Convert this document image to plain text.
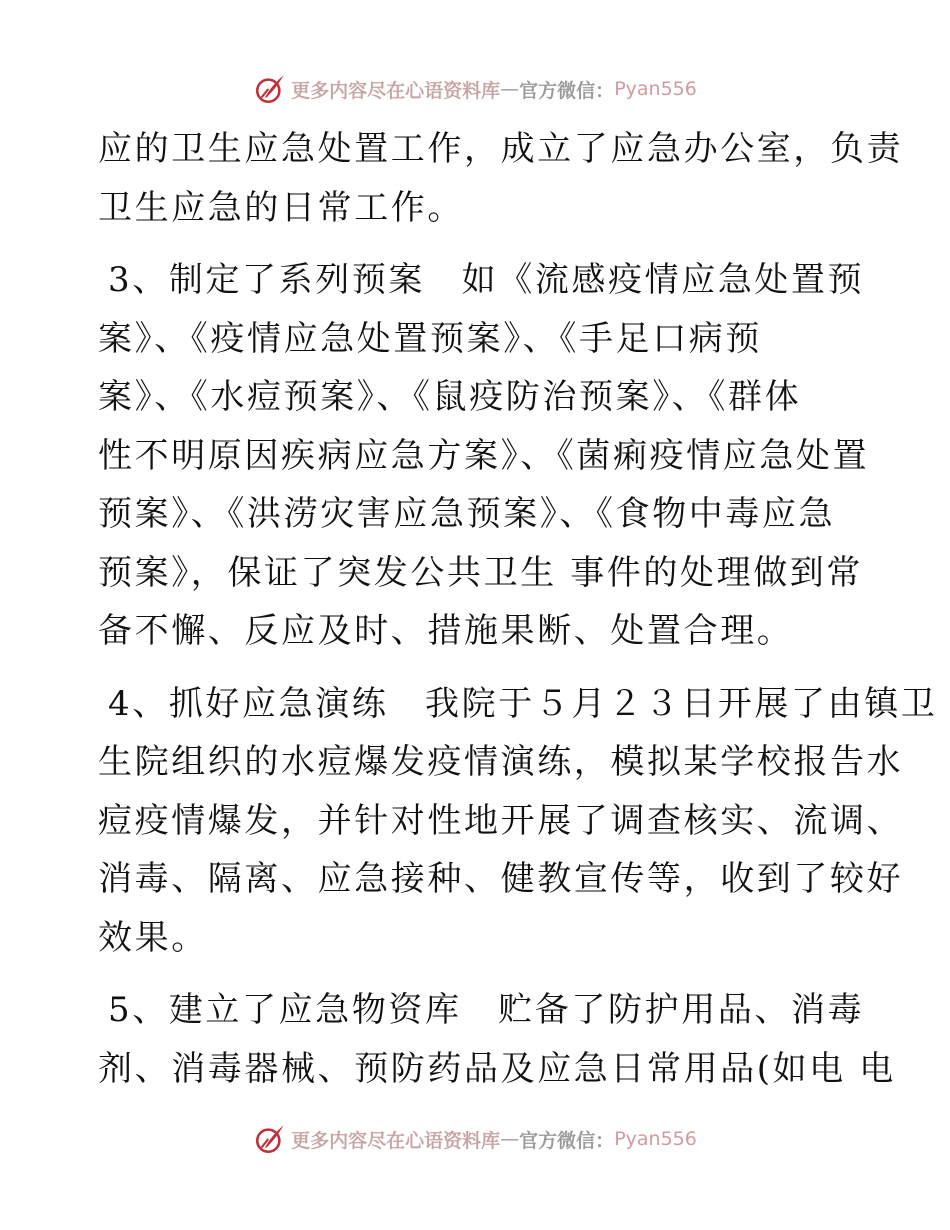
更多内容尽在心语资料库 — 官方微信： Pyan556

应的卫生应急处置工作，成立了应急办公室，负责
卫生应急的日常工作。

3、制定了系列预案　如《流感疫情应急处置预
案》、《疫情应急处置预案》、《手足口病预
案》、《水痘预案》、《鼠疫防治预案》、《群体
性不明原因疾病应急方案》、《菌痢疫情应急处置
预案》、《洪涝灾害应急预案》、《食物中毒应急
预案》，保证了突发公共卫生 事件的处理做到常
备不懈、反应及时、措施果断、处置合理。

4、抓好应急演练　我院于５月２３日开展了由镇卫
生院组织的水痘爆发疫情演练，模拟某学校报告水
痘疫情爆发，并针对性地开展了调查核实、流调、
消毒、隔离、应急接种、健教宣传等，收到了较好
效果。

5、建立了应急物资库　贮备了防护用品、消毒
剂、消毒器械、预防药品及应急日常用品(如电 电

更多内容尽在心语资料库 — 官方微信： Pyan556
